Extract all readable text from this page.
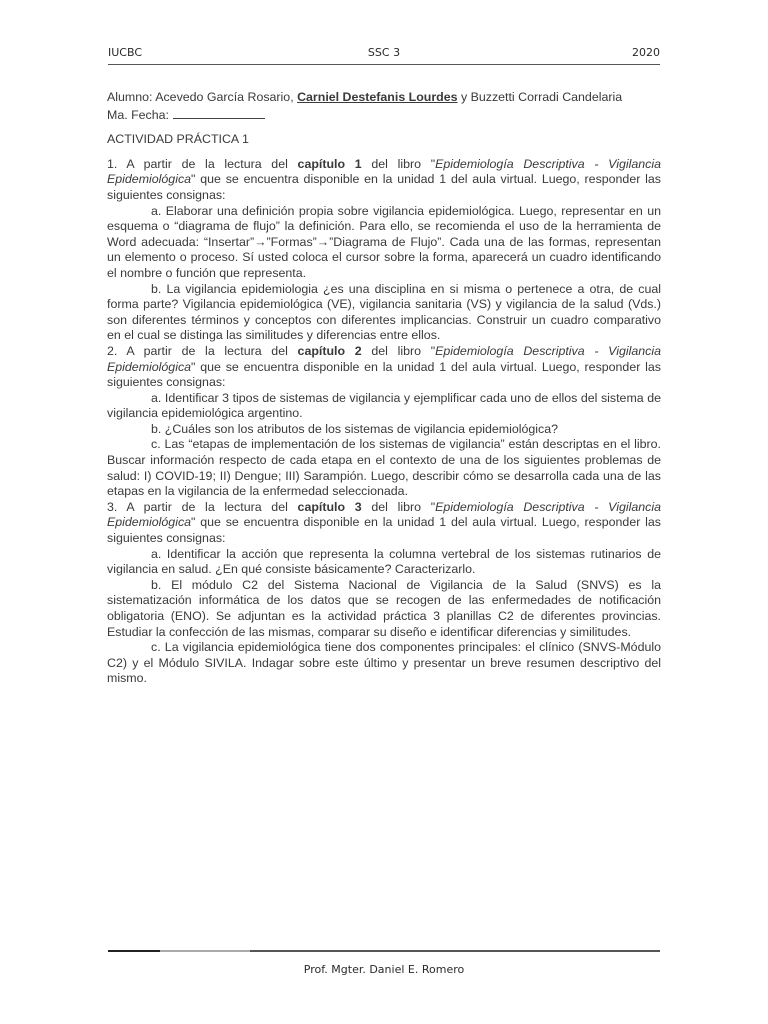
IUCBC	SSC 3	2020

Alumno: Acevedo García Rosario, Carniel Destefanis Lourdes y Buzzetti Corradi Candelaria

Ma. Fecha:

ACTIVIDAD PRÁCTICA 1

1. A partir de la lectura del capítulo 1 del libro "Epidemiología Descriptiva - Vigilancia Epidemiológica" que se encuentra disponible en la unidad 1 del aula virtual. Luego, responder las siguientes consignas:

a. Elaborar una definición propia sobre vigilancia epidemiológica. Luego, representar en un esquema o “diagrama de flujo” la definición. Para ello, se recomienda el uso de la herramienta de Word adecuada: “Insertar”→”Formas”→”Diagrama de Flujo”. Cada una de las formas, representan un elemento o proceso. Sí usted coloca el cursor sobre la forma, aparecerá un cuadro identificando el nombre o función que representa.

b. La vigilancia epidemiologia ¿es una disciplina en si misma o pertenece a otra, de cual forma parte? Vigilancia epidemiológica (VE), vigilancia sanitaria (VS) y vigilancia de la salud (Vds.) son diferentes términos y conceptos con diferentes implicancias. Construir un cuadro comparativo en el cual se distinga las similitudes y diferencias entre ellos.

2. A partir de la lectura del capítulo 2 del libro "Epidemiología Descriptiva - Vigilancia Epidemiológica" que se encuentra disponible en la unidad 1 del aula virtual. Luego, responder las siguientes consignas:

a. Identificar 3 tipos de sistemas de vigilancia y ejemplificar cada uno de ellos del sistema de vigilancia epidemiológica argentino.

b. ¿Cuáles son los atributos de los sistemas de vigilancia epidemiológica?

c. Las “etapas de implementación de los sistemas de vigilancia” están descriptas en el libro. Buscar información respecto de cada etapa en el contexto de una de los siguientes problemas de salud: I) COVID-19; II) Dengue; III) Sarampión. Luego, describir cómo se desarrolla cada una de las etapas en la vigilancia de la enfermedad seleccionada.

3. A partir de la lectura del capítulo 3 del libro "Epidemiología Descriptiva - Vigilancia Epidemiológica" que se encuentra disponible en la unidad 1 del aula virtual. Luego, responder las siguientes consignas:

a. Identificar la acción que representa la columna vertebral de los sistemas rutinarios de vigilancia en salud. ¿En qué consiste básicamente? Caracterizarlo.

b. El módulo C2 del Sistema Nacional de Vigilancia de la Salud (SNVS) es la sistematización informática de los datos que se recogen de las enfermedades de notificación obligatoria (ENO). Se adjuntan es la actividad práctica 3 planillas C2 de diferentes provincias. Estudiar la confección de las mismas, comparar su diseño e identificar diferencias y similitudes.

c. La vigilancia epidemiológica tiene dos componentes principales: el clínico (SNVS-Módulo C2) y el Módulo SIVILA. Indagar sobre este último y presentar un breve resumen descriptivo del mismo.

Prof. Mgter. Daniel E. Romero
